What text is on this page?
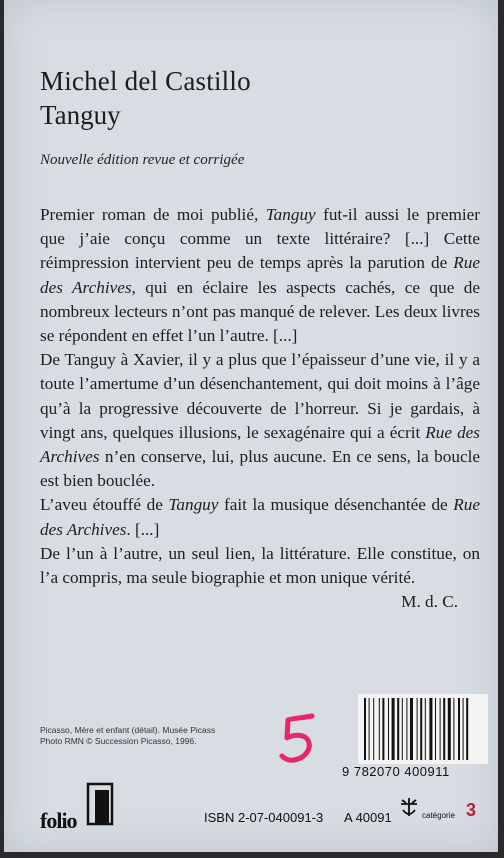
Michel del Castillo
Tanguy
Nouvelle édition revue et corrigée

Premier roman de moi publié, Tanguy fut-il aussi le premier que j’aie conçu comme un texte littéraire? [...] Cette réimpression intervient peu de temps après la parution de Rue des Archives, qui en éclaire les aspects cachés, ce que de nombreux lecteurs n’ont pas manqué de relever. Les deux livres se répondent en effet l’un l’autre. [...]

De Tanguy à Xavier, il y a plus que l’épaisseur d’une vie, il y a toute l’amertume d’un désenchantement, qui doit moins à l’âge qu’à la progressive découverte de l’horreur. Si je gardais, à vingt ans, quelques illusions, le sexagénaire qui a écrit Rue des Archives n’en conserve, lui, plus aucune. En ce sens, la boucle est bien bouclée.

L’aveu étouffé de Tanguy fait la musique désenchantée de Rue des Archives. [...]

De l’un à l’autre, un seul lien, la littérature. Elle constitue, on l’a compris, ma seule biographie et mon unique vérité.
M. d. C.

Picasso, Mère et enfant (détail). Musée Picass
Photo RMN © Succession Picasso, 1996.
9 782070 400911
folio	ISBN 2-07-040091-3 A 40091	catégorie 3
